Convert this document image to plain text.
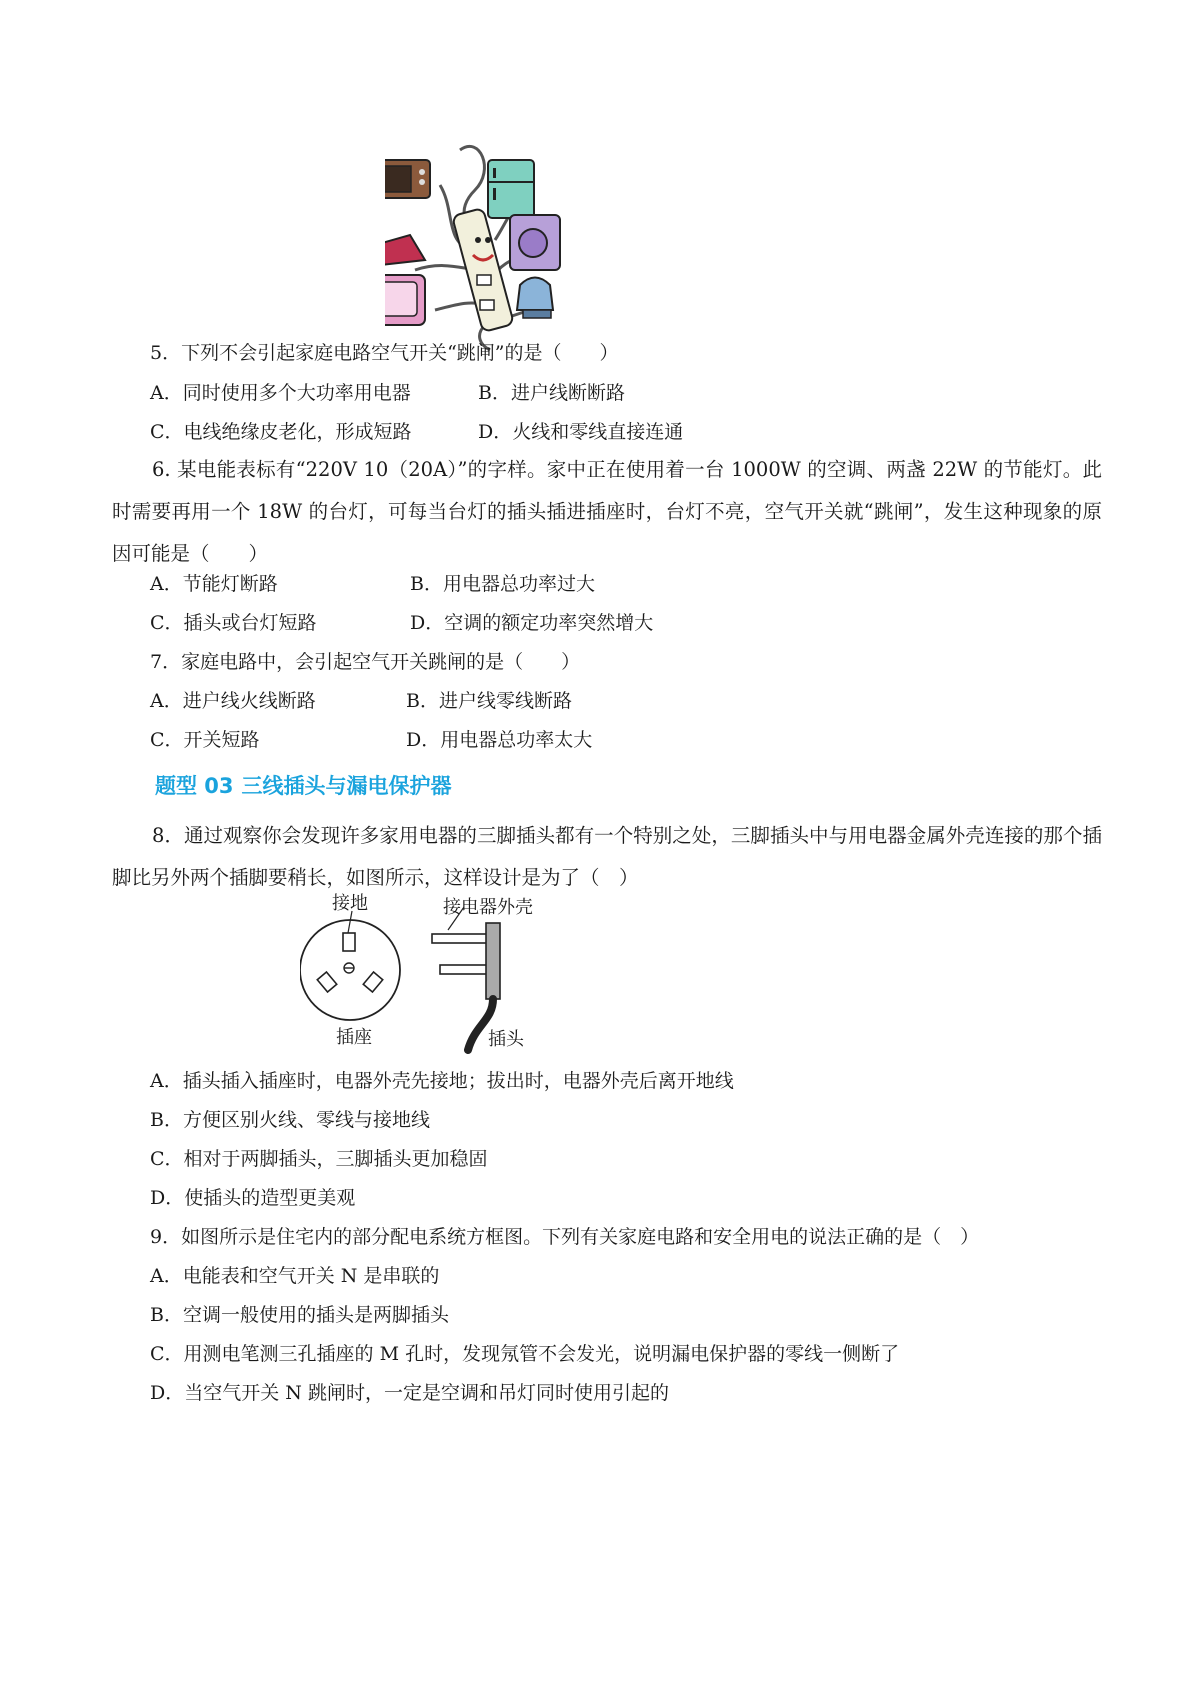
5．下列不会引起家庭电路空气开关“跳闸”的是（　　）
A．同时使用多个大功率用电器	B．进户线断断路
C．电线绝缘皮老化，形成短路	D．火线和零线直接连通
6. 某电能表标有“220V 10（20A）”的字样。家中正在使用着一台 1000W 的空调、两盏 22W 的节能灯。此时需要再用一个 18W 的台灯，可每当台灯的插头插进插座时，台灯不亮，空气开关就“跳闸”，发生这种现象的原因可能是（　　）
A．节能灯断路	B．用电器总功率过大
C．插头或台灯短路	D．空调的额定功率突然增大
7．家庭电路中，会引起空气开关跳闸的是（　　）
A．进户线火线断路	B．进户线零线断路
C．开关短路	D．用电器总功率太大
题型 03 三线插头与漏电保护器
8．通过观察你会发现许多家用电器的三脚插头都有一个特别之处，三脚插头中与用电器金属外壳连接的那个插脚比另外两个插脚要稍长，如图所示，这样设计是为了（　）
接地
插座
接电器外壳
插头
A．插头插入插座时，电器外壳先接地；拔出时，电器外壳后离开地线
B．方便区别火线、零线与接地线
C．相对于两脚插头，三脚插头更加稳固
D．使插头的造型更美观
9．如图所示是住宅内的部分配电系统方框图。下列有关家庭电路和安全用电的说法正确的是（　）
A．电能表和空气开关 N 是串联的
B．空调一般使用的插头是两脚插头
C．用测电笔测三孔插座的 M 孔时，发现氖管不会发光，说明漏电保护器的零线一侧断了
D．当空气开关 N 跳闸时，一定是空调和吊灯同时使用引起的
